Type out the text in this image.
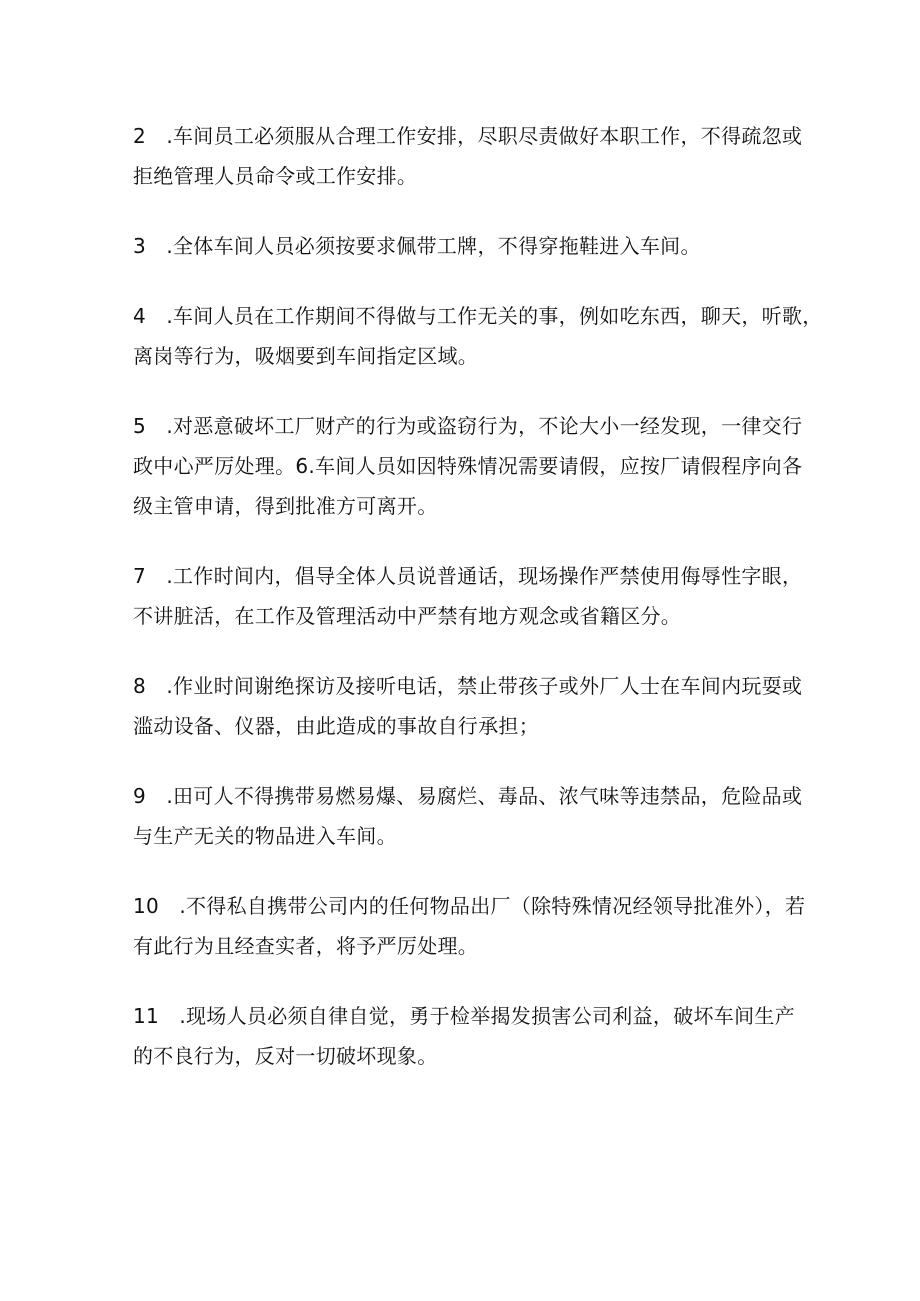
2 .车间员工必须服从合理工作安排，尽职尽责做好本职工作，不得疏忽或
拒绝管理人员命令或工作安排。

3 .全体车间人员必须按要求佩带工牌，不得穿拖鞋进入车间。

4 .车间人员在工作期间不得做与工作无关的事，例如吃东西，聊天，听歌，
离岗等行为，吸烟要到车间指定区域。

5 .对恶意破坏工厂财产的行为或盗窃行为，不论大小一经发现，一律交行
政中心严厉处理。6.车间人员如因特殊情况需要请假，应按厂请假程序向各
级主管申请，得到批准方可离开。

7 .工作时间内，倡导全体人员说普通话，现场操作严禁使用侮辱性字眼，
不讲脏活，在工作及管理活动中严禁有地方观念或省籍区分。

8 .作业时间谢绝探访及接听电话，禁止带孩子或外厂人士在车间内玩耍或
滥动设备、仪器，由此造成的事故自行承担；

9 .田可人不得携带易燃易爆、易腐烂、毒品、浓气味等违禁品，危险品或
与生产无关的物品进入车间。

10 .不得私自携带公司内的任何物品出厂（除特殊情况经领导批准外），若
有此行为且经查实者，将予严厉处理。

11 .现场人员必须自律自觉，勇于检举揭发损害公司利益，破坏车间生产
的不良行为，反对一切破坏现象。
